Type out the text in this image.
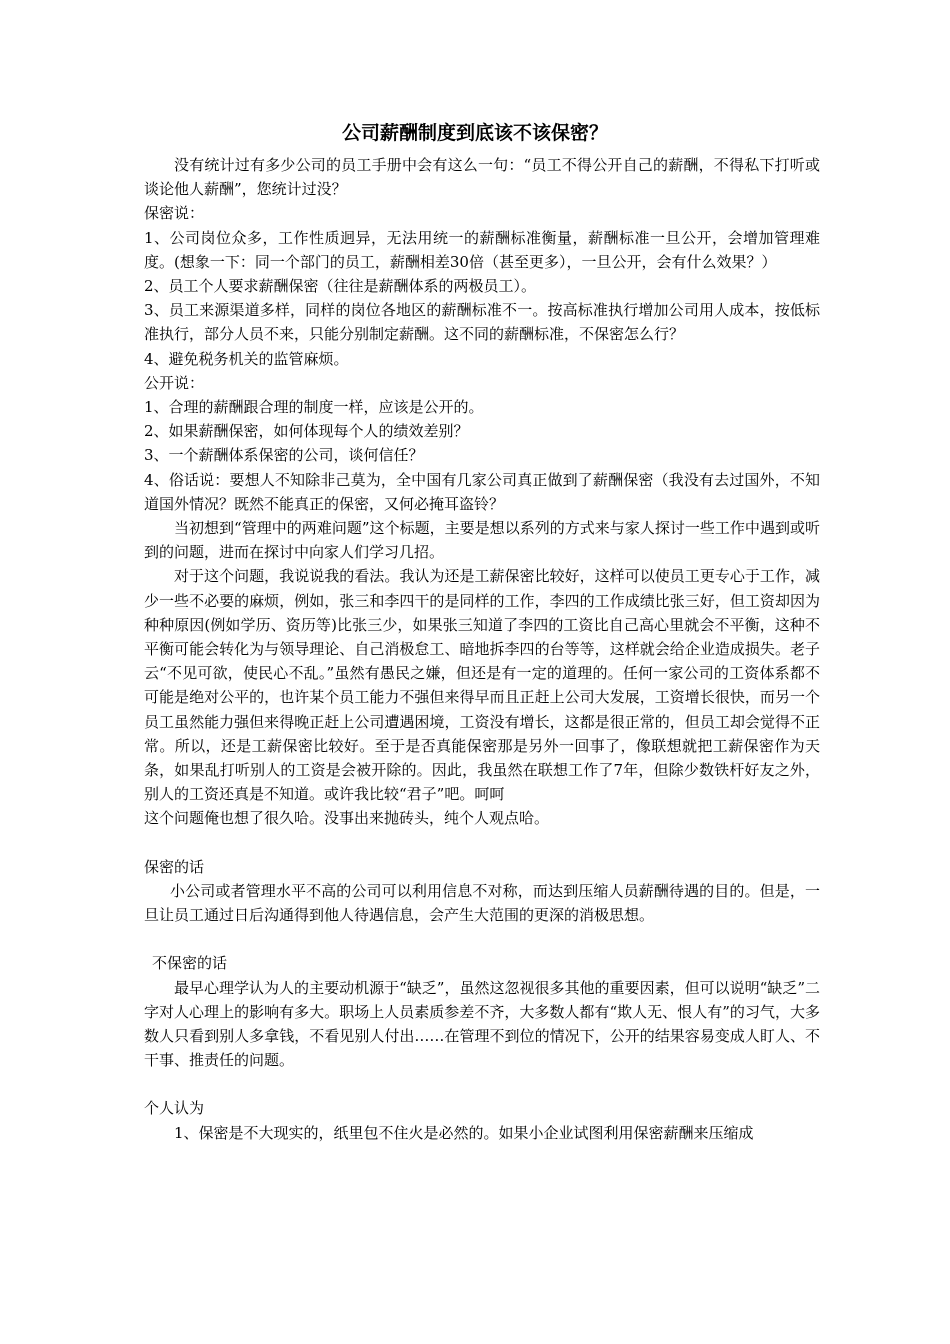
公司薪酬制度到底该不该保密？

没有统计过有多少公司的员工手册中会有这么一句：“员工不得公开自己的薪酬，不得私下打听或谈论他人薪酬”，您统计过没？

保密说：

1、公司岗位众多，工作性质迥异，无法用统一的薪酬标准衡量，薪酬标准一旦公开，会增加管理难度。(想象一下：同一个部门的员工，薪酬相差30倍（甚至更多），一旦公开，会有什么效果？）

2、员工个人要求薪酬保密（往往是薪酬体系的两极员工）。

3、员工来源渠道多样，同样的岗位各地区的薪酬标准不一。按高标准执行增加公司用人成本，按低标准执行，部分人员不来，只能分别制定薪酬。这不同的薪酬标准，不保密怎么行？

4、避免税务机关的监管麻烦。

公开说：

1、合理的薪酬跟合理的制度一样，应该是公开的。

2、如果薪酬保密，如何体现每个人的绩效差别？

3、一个薪酬体系保密的公司，谈何信任？

4、俗话说：要想人不知除非己莫为，全中国有几家公司真正做到了薪酬保密（我没有去过国外，不知道国外情况？既然不能真正的保密，又何必掩耳盗铃？

当初想到“管理中的两难问题”这个标题，主要是想以系列的方式来与家人探讨一些工作中遇到或听到的问题，进而在探讨中向家人们学习几招。

对于这个问题，我说说我的看法。我认为还是工薪保密比较好，这样可以使员工更专心于工作，减少一些不必要的麻烦，例如，张三和李四干的是同样的工作，李四的工作成绩比张三好，但工资却因为种种原因(例如学历、资历等)比张三少，如果张三知道了李四的工资比自己高心里就会不平衡，这种不平衡可能会转化为与领导理论、自己消极怠工、暗地拆李四的台等等，这样就会给企业造成损失。老子云“不见可欲，使民心不乱。”虽然有愚民之嫌，但还是有一定的道理的。任何一家公司的工资体系都不可能是绝对公平的，也许某个员工能力不强但来得早而且正赶上公司大发展，工资增长很快，而另一个员工虽然能力强但来得晚正赶上公司遭遇困境，工资没有增长，这都是很正常的，但员工却会觉得不正常。所以，还是工薪保密比较好。至于是否真能保密那是另外一回事了，像联想就把工薪保密作为天条，如果乱打听别人的工资是会被开除的。因此，我虽然在联想工作了7年，但除少数铁杆好友之外，别人的工资还真是不知道。或许我比较“君子”吧。呵呵

这个问题俺也想了很久哈。没事出来抛砖头，纯个人观点哈。

保密的话

小公司或者管理水平不高的公司可以利用信息不对称，而达到压缩人员薪酬待遇的目的。但是，一旦让员工通过日后沟通得到他人待遇信息，会产生大范围的更深的消极思想。

不保密的话

最早心理学认为人的主要动机源于“缺乏”，虽然这忽视很多其他的重要因素，但可以说明“缺乏”二字对人心理上的影响有多大。职场上人员素质参差不齐，大多数人都有“欺人无、恨人有”的习气，大多数人只看到别人多拿钱，不看见别人付出……在管理不到位的情况下，公开的结果容易变成人盯人、不干事、推责任的问题。

个人认为

1、保密是不大现实的，纸里包不住火是必然的。如果小企业试图利用保密薪酬来压缩成
